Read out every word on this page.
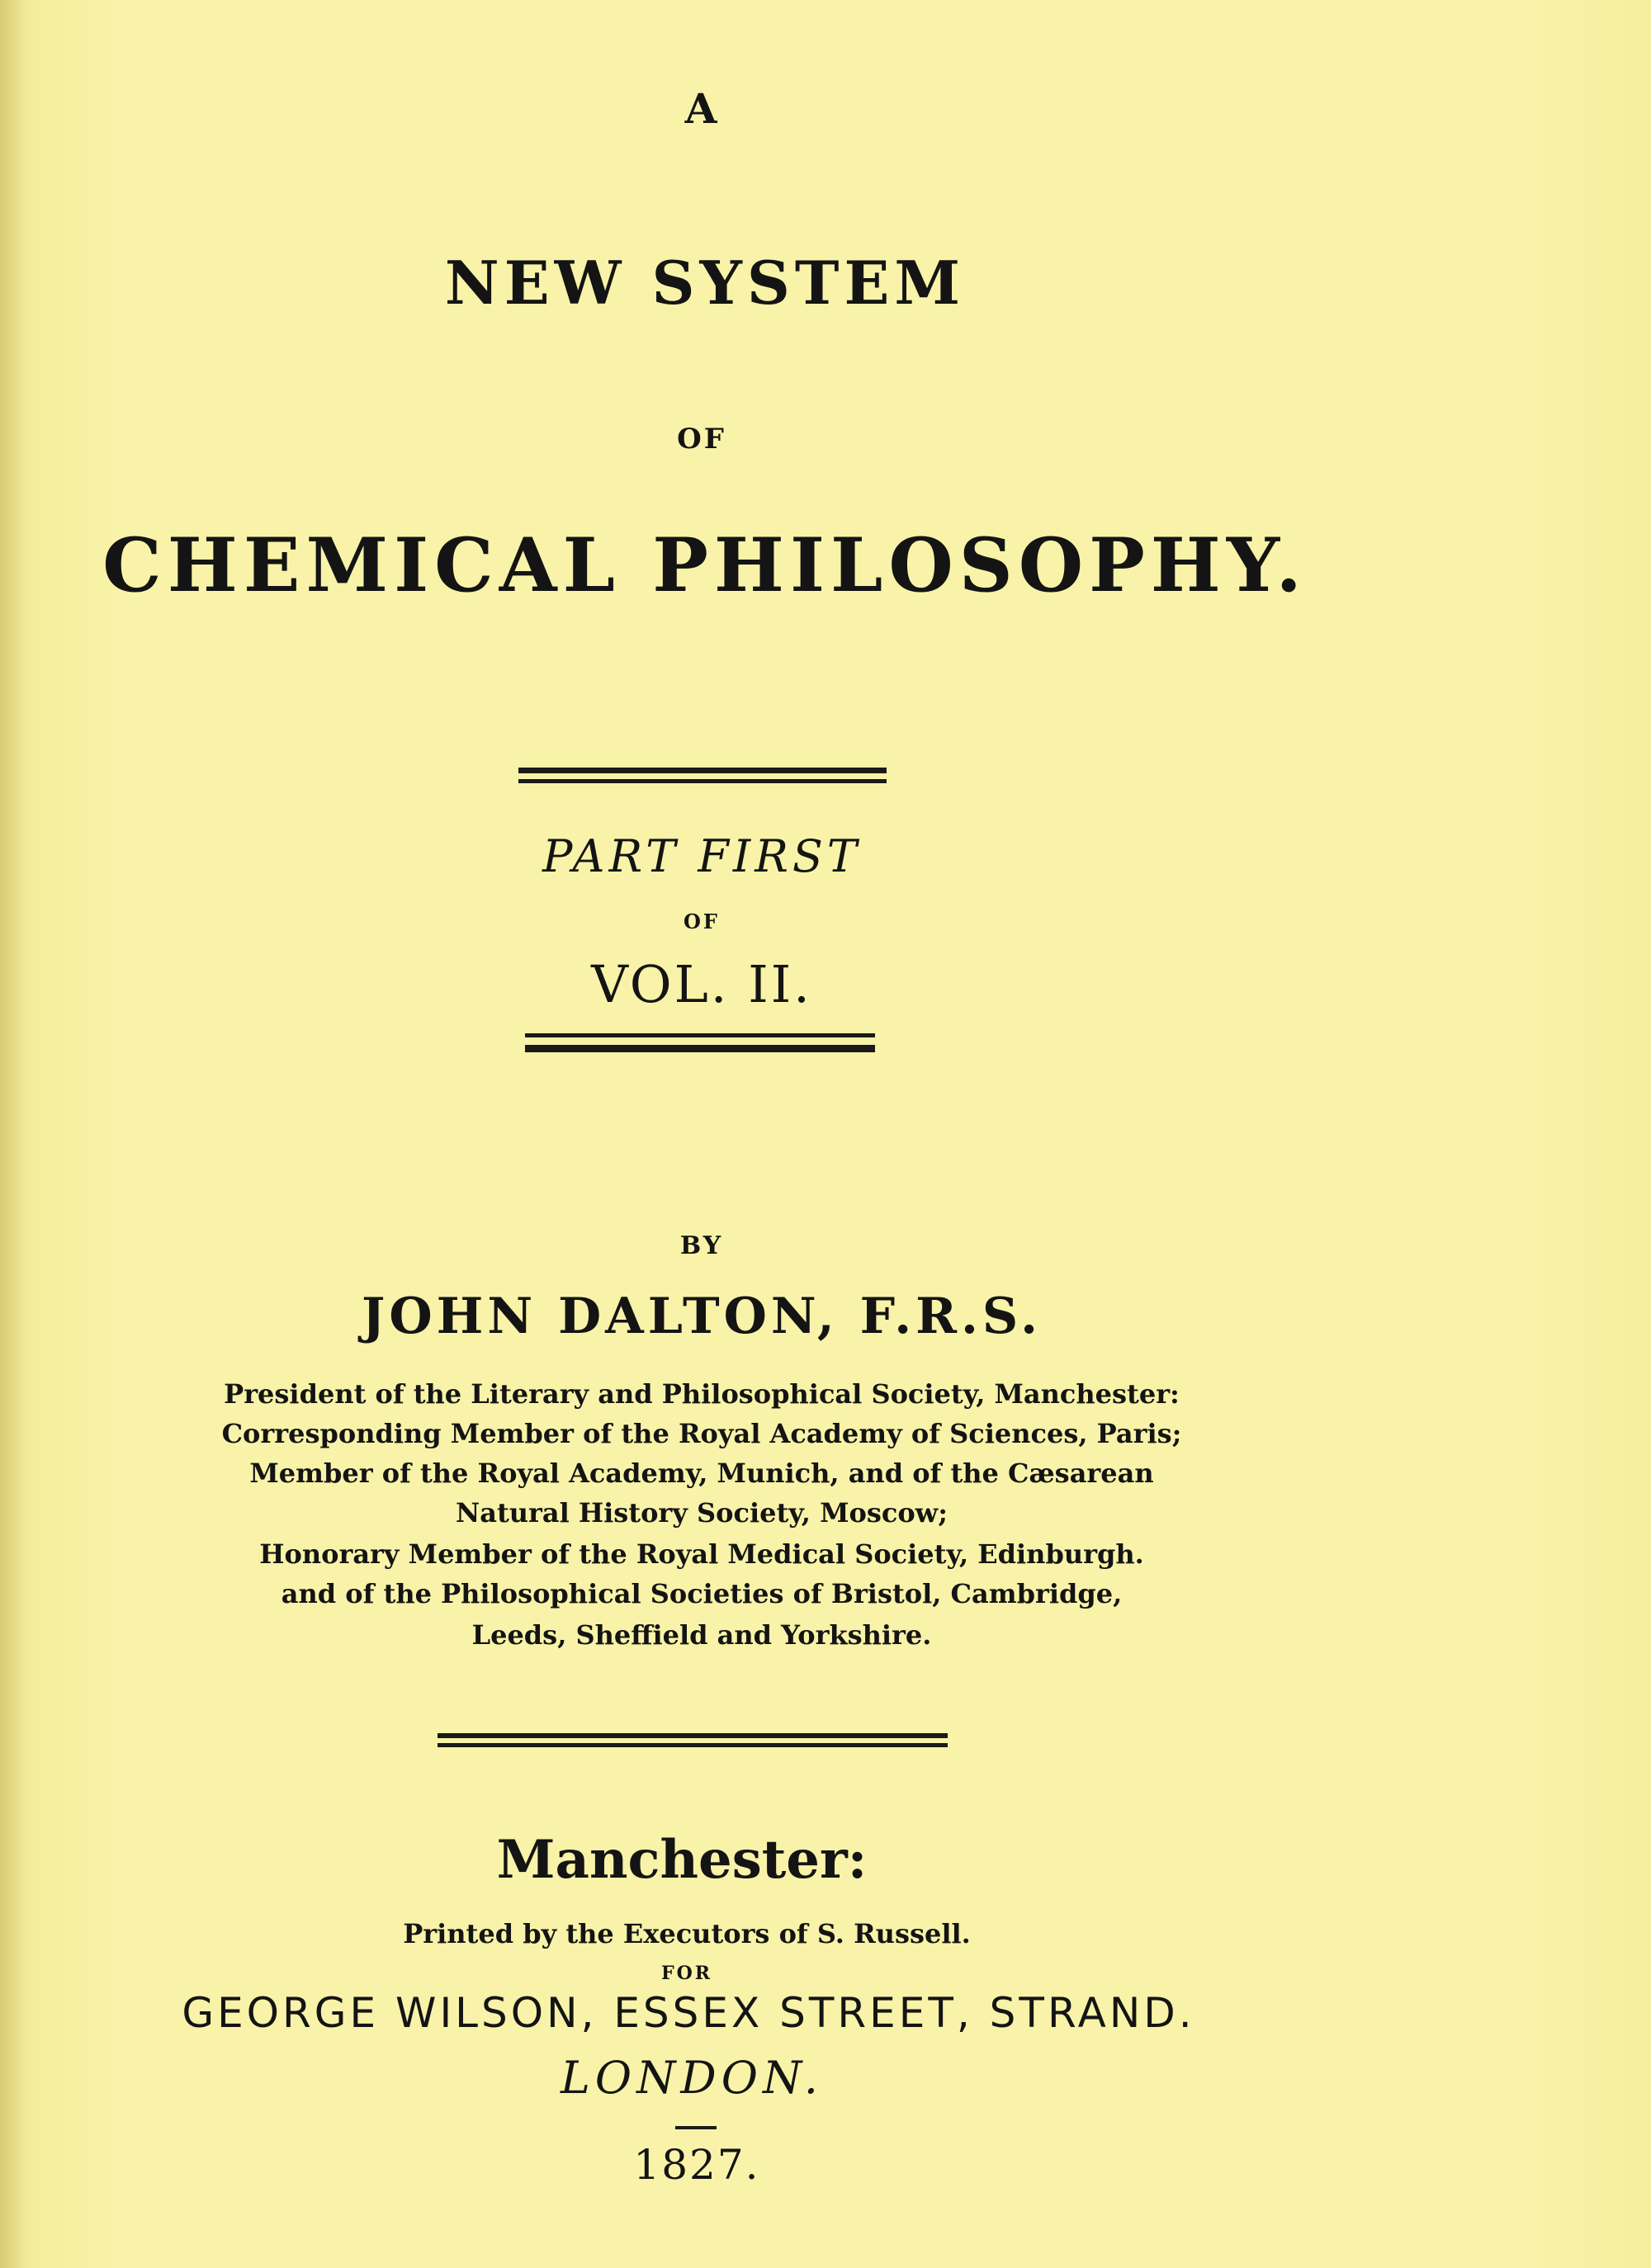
A
NEW SYSTEM
OF
CHEMICAL PHILOSOPHY.
PART FIRST
OF
VOL. II.
BY
JOHN DALTON, F.R.S.
President of the Literary and Philosophical Society, Manchester:
Corresponding Member of the Royal Academy of Sciences, Paris;
Member of the Royal Academy, Munich, and of the Cæsarean
Natural History Society, Moscow;
Honorary Member of the Royal Medical Society, Edinburgh.
and of the Philosophical Societies of Bristol, Cambridge,
Leeds, Sheffield and Yorkshire.
Manchester:
Printed by the Executors of S. Russell.
FOR
GEORGE WILSON, ESSEX STREET, STRAND.
LONDON.
1827.
